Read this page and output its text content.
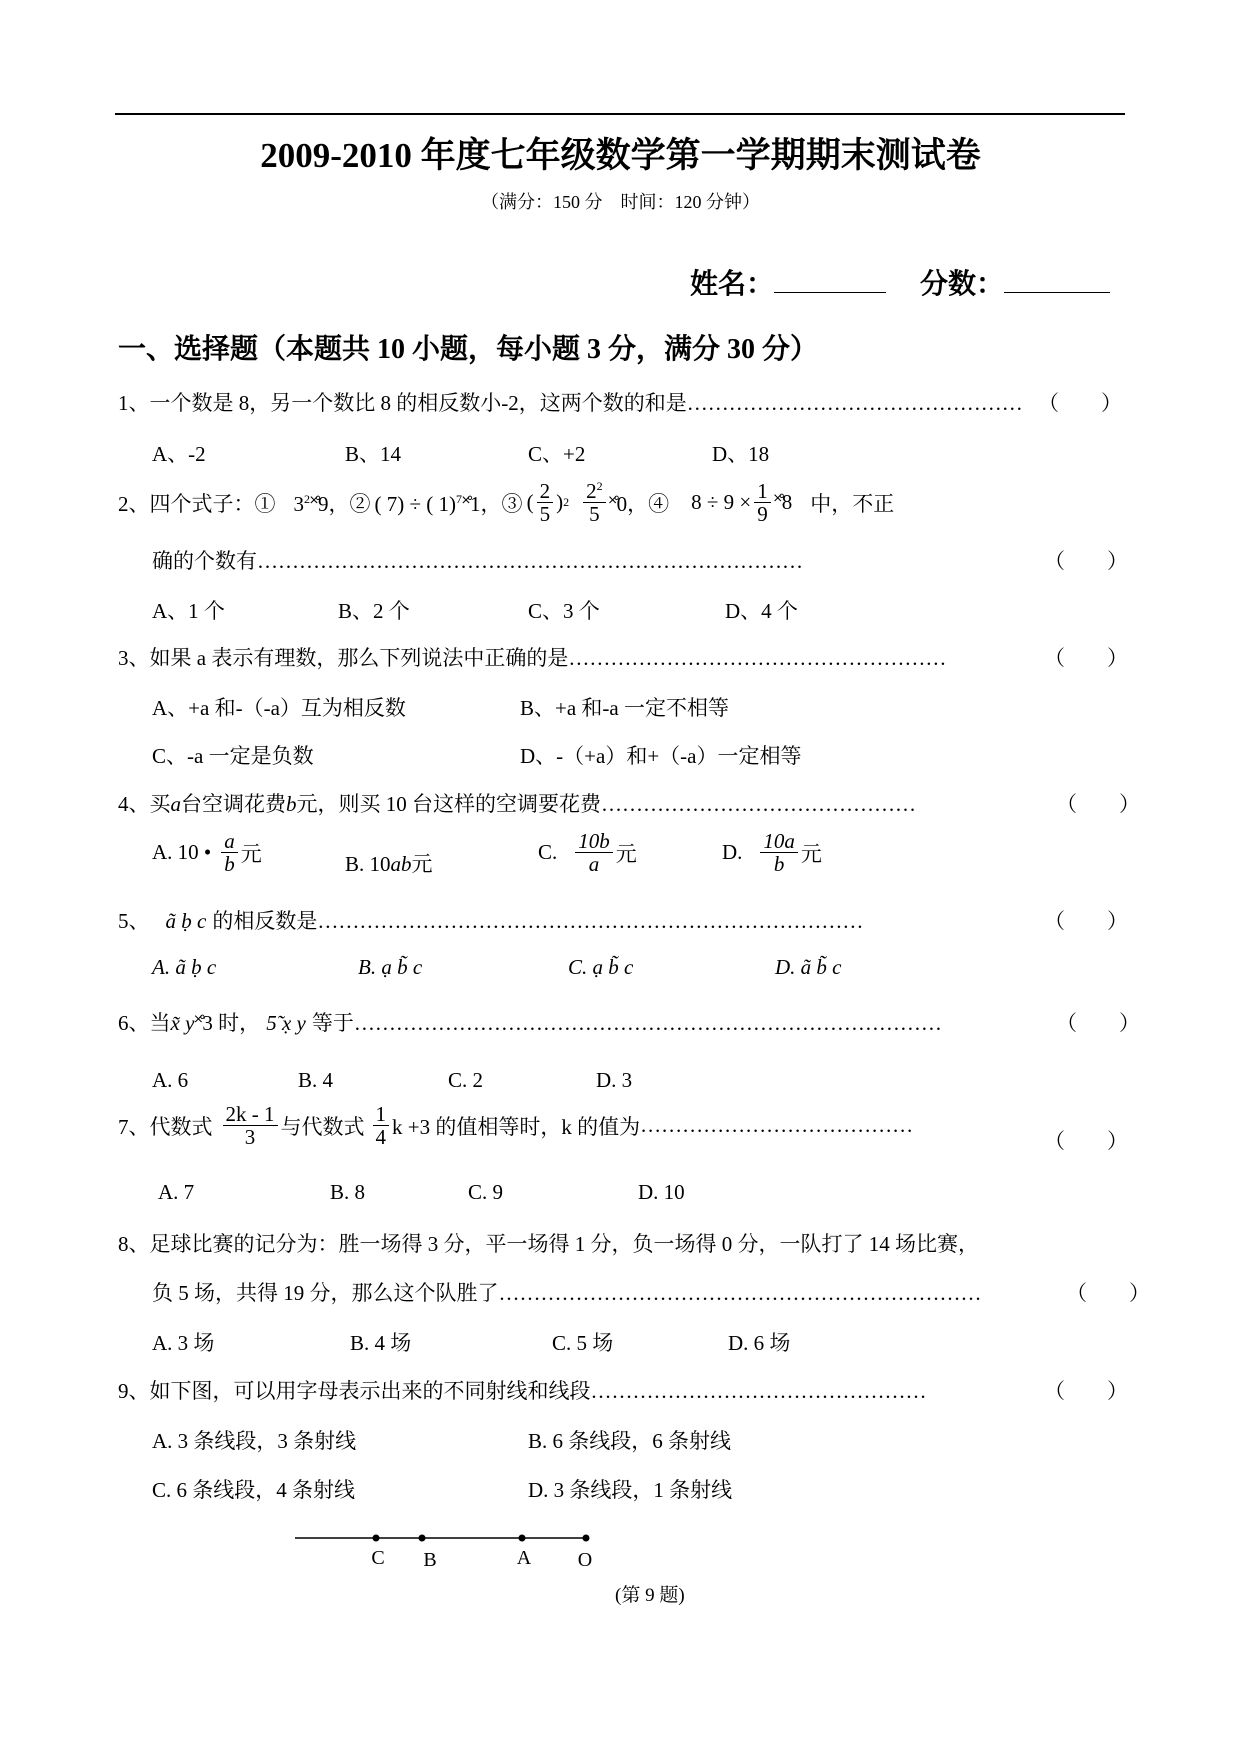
2009-2010 年度七年级数学第一学期期末测试卷
（满分：150 分　时间：120 分钟）
姓名：	分数：
一、选择题（本题共 10 小题，每小题 3 分，满分 30 分）
1、一个数是 8，另一个数比 8 的相反数小-2，这两个数的和是………………………………………… （　　）
A、-2	B、14	C、+2	D、18
2、四个式子：① $3^2˟̊9$，② ( 7) ÷ ( 1)$^7$˟̊1，③ ( $\frac{2}{5}$ ) $2 \frac{2^2}{5}$ ˟̊0，④ $8 \div 9 \times \frac{1}{9}$ ˟̊8 中，不正
确的个数有……………………………………………………………………	（　　）
A、1 个	B、2 个	C、3 个	D、4 个
3、如果 a 表示有理数，那么下列说法中正确的是………………………………………………	（　　）
A、+a 和-（-a）互为相反数	B、+a 和-a 一定不相等
C、-a 一定是负数	D、-（+a）和+（-a）一定相等
4、买a台空调花费b元，则买 10 台这样的空调要花费………………………………………	（　　）
A. 10 • $\frac{a}{b}$ 元	B. 10ab元	C. $\frac{10b}{a}$ 元	D. $\frac{10a}{b}$ 元
5、 ã ḅ c 的相反数是……………………………………………………………………	（　　）
A. ã ḅ c	B. ạ b̃ c	C. ạ b̃ c	D. ã b̃ c
6、当x̃ y˟̊3 时， 5̃ x̣ y 等于…………………………………………………………………………	（　　）
A. 6	B. 4	C. 2	D. 3
7、代数式 $\frac{2k - 1}{3}$ 与代数式 $\frac{1}{4}$ k +3 的值相等时，k 的值为 …………………………………
（　　）
A. 7	B. 8	C. 9	D. 10
8、足球比赛的记分为：胜一场得 3 分，平一场得 1 分，负一场得 0 分，一队打了 14 场比赛，
负 5 场，共得 19 分，那么这个队胜了……………………………………………………………	（　　）
A. 3 场	B. 4 场	C. 5 场	D. 6 场
9、如下图，可以用字母表示出来的不同射线和线段…………………………………………	（　　）
A. 3 条线段，3 条射线	B. 6 条线段，6 条射线
C. 6 条线段，4 条射线	D. 3 条线段，1 条射线
C B	A O
(第 9 题)
